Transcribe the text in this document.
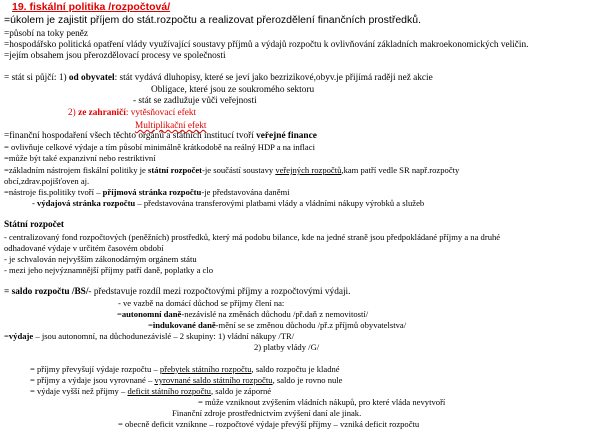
19. fiskální politika /rozpočtová/
=úkolem je zajistit příjem do stát.rozpočtu a realizovat přerozdělení finančních prostředků.
=působí na toky peněz
=hospodářsko politická opatření vlády využívající soustavy příjmů a výdajů rozpočtu k ovlivňování základních makroekonomických veličin.
=jejím obsahem jsou přerozdělovací procesy ve společnosti
= stát si půjčí: 1) od obyvatel: stát vydává dluhopisy, které se jeví jako bezrizikové,obyv.je přijímá raději než akcie
Obligace, které jsou ze soukromého sektoru
- stát se zadlužuje vůči veřejnosti
2) ze zahraničí: vytěsňovací efekt
Multiplikační efekt
=finanční hospodaření všech těchto orgánů a státních institucí tvoří veřejné finance
= ovlivňuje celkové výdaje a tím působí minimálně krátkodobě na reálný HDP a na inflaci
=může být také expanzivní nebo restriktivní
=základním nástrojem fiskální politiky je státní rozpočet-je součástí soustavy veřejných rozpočtů,kam patří vedle SR např.rozpočty
obcí,zdrav.pojišťoven aj.
=nástroje fis.politiky tvoří – příjmová stránka rozpočtu-je představována daněmi
- výdajová stránka rozpočtu – představována transferovými platbami vlády a vládními nákupy výrobků a služeb
Státní rozpočet
- centralizovaný fond rozpočtových (peněžních) prostředků, který má podobu bilance, kde na jedné straně jsou předpokládané příjmy a na druhé
odhadované výdaje v určitém časovém období
- je schvalován nejvyšším zákonodárným orgánem státu
- mezi jeho nejvýznamnější příjmy patří daně, poplatky a clo
= saldo rozpočtu /BS/- představuje rozdíl mezi rozpočtovými příjmy a rozpočtovými výdaji.
- ve vazbě na domácí důchod se příjmy člení na:
=autonomní daně-nezávislé na změnách důchodu /př.daň z nemovitostí/
=indukované daně-mění se se změnou důchodu /př.z příjmů obyvatelstva/
=výdaje – jsou autonomní, na důchodunezávislé – 2 skupiny: 1) vládní nákupy /TR/
2) platby vlády /G/
= příjmy převyšují výdaje rozpočtu – přebytek státního rozpočtu, saldo rozpočtu je kladné
= příjmy a výdaje jsou vyrovnané – vyrovnané saldo státního rozpočtu, saldo je rovno nule
= výdaje vyšší než příjmy – deficit státního rozpočtu, saldo je záporné
= může vzniknout zvýšením vládních nákupů, pro které vláda nevytvoří
Finanční zdroje prostřednictvím zvýšení daní ale jinak.
= obecně deficit vzniknne – rozpočtové výdaje převýší příjmy – vzniká deficit rozpočtu
